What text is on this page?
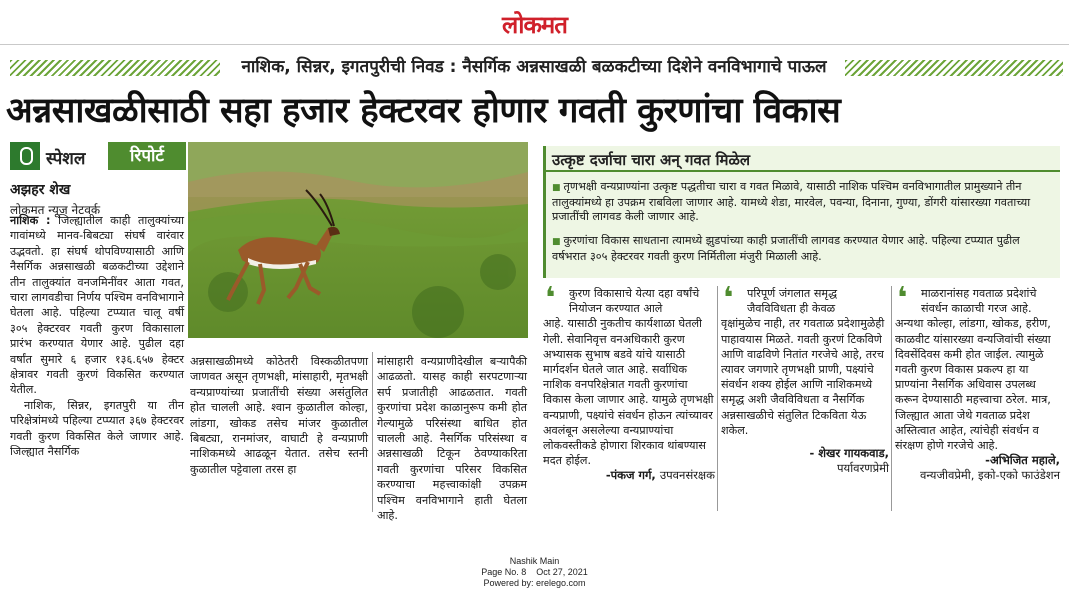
लोकमत
नाशिक, सिन्नर, इगतपुरीची निवड : नैसर्गिक अन्नसाखळी बळकटीच्या दिशेने वनविभागाचे पाऊल
अन्नसाखळीसाठी सहा हजार हेक्टरवर होणार गवती कुरणांचा विकास
स्पेशल	रिपोर्ट
अझहर शेख
लोकमत न्यूज नेटवर्क
नाशिक : जिल्ह्यातील काही तालुक्यांच्या गावांमध्ये मानव-बिबट्या संघर्ष वारंवार उद्भवतो. हा संघर्ष थोपविण्यासाठी आणि नैसर्गिक अन्नसाखळी बळकटीच्या उद्देशाने तीन तालुक्यांत वनजमिनींवर आता गवत, चारा लागवडीचा निर्णय पश्चिम वनविभागाने घेतला आहे. पहिल्या टप्प्यात चालू वर्षी ३०५ हेक्टरवर गवती कुरण विकासाला प्रारंभ करण्यात येणार आहे. पुढील दहा वर्षांत सुमारे ६ हजार १३६.६५७ हेक्टर क्षेत्रावर गवती कुरणं विकसित करण्यात येतील.
नाशिक, सिन्नर, इगतपुरी या तीन परिक्षेत्रांमध्ये पहिल्या टप्प्यात ३६७ हेक्टरवर गवती कुरण विकसित केले जाणार आहे. जिल्ह्यात नैसर्गिक
उत्कृष्ट दर्जाचा चारा अन् गवत मिळेल
■ तृणभक्षी वन्यप्राण्यांना उत्कृष्ट पद्धतीचा चारा व गवत मिळावे, यासाठी नाशिक पश्चिम वनविभागातील प्रामुख्याने तीन तालुक्यांमध्ये हा उपक्रम राबविला जाणार आहे. यामध्ये शेडा, मारवेल, पवन्या, दिनाना, गुण्या, डोंगरी यांसारख्या गवताच्या प्रजातींची लागवड केली जाणार आहे.
■ कुरणांचा विकास साधताना त्यामध्ये झुडपांच्या काही प्रजातींची लागवड करण्यात येणार आहे. पहिल्या टप्प्यात पुढील वर्षभरात ३०५ हेक्टरवर गवती कुरण निर्मितीला मंजुरी मिळाली आहे.
अन्नसाखळीमध्ये कोठेतरी विस्कळीतपणा जाणवत असून तृणभक्षी, मांसाहारी, मृतभक्षी वन्यप्राण्यांच्या प्रजातींची संख्या असंतुलित होत चालली आहे. श्वान कुळातील कोल्हा, लांडगा, खोकड तसेच मांजर कुळातील बिबट्या, रानमांजर, वाघाटी हे वन्यप्राणी नाशिकमध्ये आढळून येतात. तसेच स्तनी कुळातील पट्टेवाला तरस हा
मांसाहारी वन्यप्राणीदेखील बऱ्यापैकी आढळतो. यासह काही सरपटणाऱ्या सर्प प्रजातीही आढळतात. गवती कुरणांचा प्रदेश काळानुरूप कमी होत गेल्यामुळे परिसंस्था बाधित होत चालली आहे. नैसर्गिक परिसंस्था व अन्नसाखळी टिकून ठेवण्याकरिता गवती कुरणांचा परिसर विकसित करण्याचा महत्त्वाकांक्षी उपक्रम पश्चिम वनविभागाने हाती घेतला आहे.
❛	कुरण विकासाचे येत्या दहा वर्षांचे नियोजन करण्यात आले
आहे. यासाठी नुकतीच कार्यशाळा घेतली गेली. सेवानिवृत्त वनअधिकारी कुरण अभ्यासक सुभाष बडवे यांचे यासाठी मार्गदर्शन घेतले जात आहे. सर्वाधिक नाशिक वनपरिक्षेत्रात गवती कुरणांचा विकास केला जाणार आहे. यामुळे तृणभक्षी वन्यप्राणी, पक्ष्यांचे संवर्धन होऊन त्यांच्यावर अवलंबून असलेल्या वन्यप्राण्यांचा लोकवस्तीकडे होणारा शिरकाव थांबण्यास मदत होईल.
-पंकज गर्ग, उपवनसंरक्षक
❛	परिपूर्ण जंगलात समृद्ध जैवविविधता ही केवळ
वृक्षांमुळेच नाही, तर गवताळ प्रदेशामुळेही पाहावयास मिळते. गवती कुरणं टिकविणे आणि वाढविणे नितांत गरजेचे आहे, तरच त्यावर जगणारे तृणभक्षी प्राणी, पक्ष्यांचे संवर्धन शक्य होईल आणि नाशिकमध्ये समृद्ध अशी जैवविविधता व नैसर्गिक अन्नसाखळीचे संतुलित टिकविता येऊ शकेल.
- शेखर गायकवाड,
पर्यावरणप्रेमी
❛	माळरानांसह गवताळ प्रदेशांचे संवर्धन काळाची गरज आहे.
अन्यथा कोल्हा, लांडगा, खोकड, हरीण, काळवीट यांसारख्या वन्यजिवांची संख्या दिवसेंदिवस कमी होत जाईल. त्यामुळे गवती कुरण विकास प्रकल्प हा या प्राण्यांना नैसर्गिक अधिवास उपलब्ध करून देण्यासाठी महत्त्वाचा ठरेल. मात्र, जिल्ह्यात आता जेथे गवताळ प्रदेश अस्तित्वात आहेत, त्यांचेही संवर्धन व संरक्षण होणे गरजेचे आहे.
-अभिजित महाले,
वन्यजीवप्रेमी, इको-एको फाउंडेशन
Nashik Main
Page No. 8    Oct 27, 2021
Powered by: erelego.com
